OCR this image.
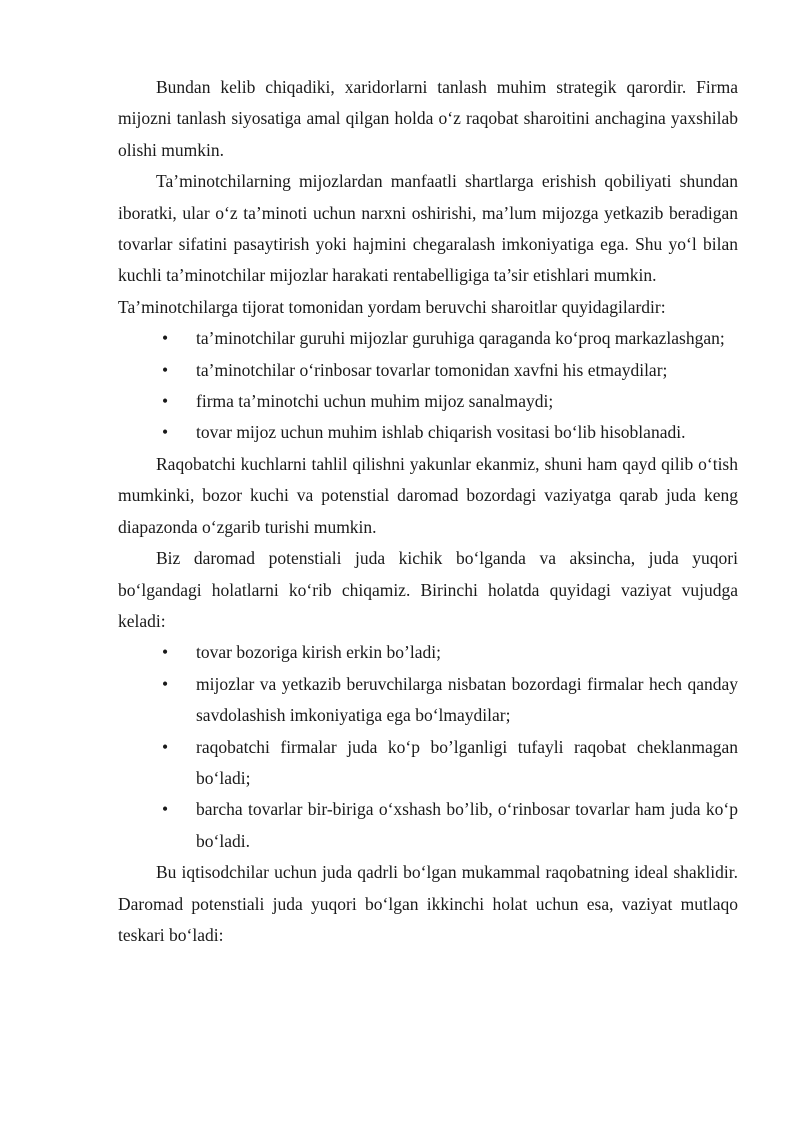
Bundan kelib chiqadiki, xaridorlarni tanlash muhim strategik qarordir. Firma mijozni tanlash siyosatiga amal qilgan holda o‘z raqobat sharoitini anchagina yaxshilab olishi mumkin.

Ta’minotchilarning mijozlardan manfaatli shartlarga erishish qobiliyati shundan iboratki, ular o‘z ta’minoti uchun narxni oshirishi, ma’lum mijozga yetkazib beradigan tovarlar sifatini pasaytirish yoki hajmini chegaralash imkoniyatiga ega. Shu yo‘l bilan kuchli ta’minotchilar mijozlar harakati rentabelligiga ta’sir etishlari mumkin.

Ta’minotchilarga tijorat tomonidan yordam beruvchi sharoitlar quyidagilardir:

• ta’minotchilar guruhi mijozlar guruhiga qaraganda ko‘proq markazlashgan;
• ta’minotchilar o‘rinbosar tovarlar tomonidan xavfni his etmaydilar;
• firma ta’minotchi uchun muhim mijoz sanalmaydi;
• tovar mijoz uchun muhim ishlab chiqarish vositasi bo‘lib hisoblanadi.

Raqobatchi kuchlarni tahlil qilishni yakunlar ekanmiz, shuni ham qayd qilib o‘tish mumkinki, bozor kuchi va potenstial daromad bozordagi vaziyatga qarab juda keng diapazonda o‘zgarib turishi mumkin.

Biz daromad potenstiali juda kichik bo‘lganda va aksincha, juda yuqori bo‘lgandagi holatlarni ko‘rib chiqamiz. Birinchi holatda quyidagi vaziyat vujudga keladi:

• tovar bozoriga kirish erkin bo’ladi;
• mijozlar va yetkazib beruvchilarga nisbatan bozordagi firmalar hech qanday savdolashish imkoniyatiga ega bo‘lmaydilar;
• raqobatchi firmalar juda ko‘p bo’lganligi tufayli raqobat cheklanmagan bo‘ladi;
• barcha tovarlar bir-biriga o‘xshash bo’lib, o‘rinbosar tovarlar ham juda ko‘p bo‘ladi.

Bu iqtisodchilar uchun juda qadrli bo‘lgan mukammal raqobatning ideal shaklidir. Daromad potenstiali juda yuqori bo‘lgan ikkinchi holat uchun esa, vaziyat mutlaqo teskari bo‘ladi:
